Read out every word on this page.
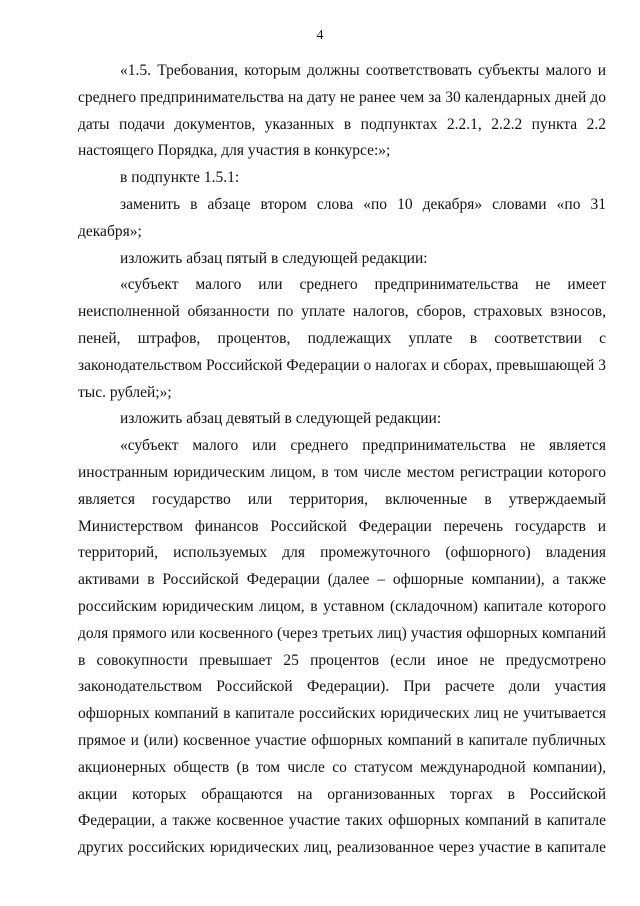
4

«1.5. Требования, которым должны соответствовать субъекты малого и среднего предпринимательства на дату не ранее чем за 30 календарных дней до даты подачи документов, указанных в подпунктах 2.2.1, 2.2.2 пункта 2.2 настоящего Порядка, для участия в конкурсе:»;

в подпункте 1.5.1:

заменить в абзаце втором слова «по 10 декабря» словами «по 31 декабря»;

изложить абзац пятый в следующей редакции:

«субъект малого или среднего предпринимательства не имеет неисполненной обязанности по уплате налогов, сборов, страховых взносов, пеней, штрафов, процентов, подлежащих уплате в соответствии с законодательством Российской Федерации о налогах и сборах, превышающей 3 тыс. рублей;»;

изложить абзац девятый в следующей редакции:

«субъект малого или среднего предпринимательства не является иностранным юридическим лицом, в том числе местом регистрации которого является государство или территория, включенные в утверждаемый Министерством финансов Российской Федерации перечень государств и территорий, используемых для промежуточного (офшорного) владения активами в Российской Федерации (далее – офшорные компании), а также российским юридическим лицом, в уставном (складочном) капитале которого доля прямого или косвенного (через третьих лиц) участия офшорных компаний в совокупности превышает 25 процентов (если иное не предусмотрено законодательством Российской Федерации). При расчете доли участия офшорных компаний в капитале российских юридических лиц не учитывается прямое и (или) косвенное участие офшорных компаний в капитале публичных акционерных обществ (в том числе со статусом международной компании), акции которых обращаются на организованных торгах в Российской Федерации, а также косвенное участие таких офшорных компаний в капитале других российских юридических лиц, реализованное через участие в капитале
